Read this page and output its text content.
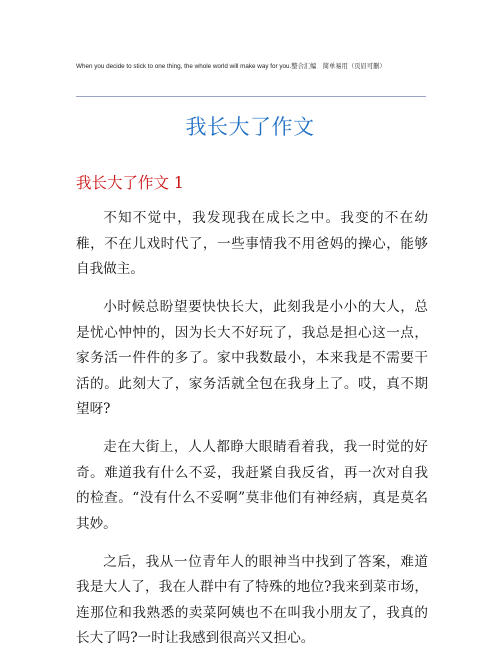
When you decide to stick to one thing, the whole world will make way for you.整合汇编　简单易用（页眉可删）
我长大了作文
我长大了作文 1

不知不觉中，我发现我在成长之中。我变的不在幼稚，不在儿戏时代了，一些事情我不用爸妈的操心，能够自我做主。

小时候总盼望要快快长大，此刻我是小小的大人，总是忧心忡忡的，因为长大不好玩了，我总是担心这一点，家务活一件件的多了。家中我数最小，本来我是不需要干活的。此刻大了，家务活就全包在我身上了。哎，真不期望呀?

走在大街上，人人都睁大眼睛看着我，我一时觉的好奇。难道我有什么不妥，我赶紧自我反省，再一次对自我的检查。“没有什么不妥啊”莫非他们有神经病，真是莫名其妙。

之后，我从一位青年人的眼神当中找到了答案，难道我是大人了，我在人群中有了特殊的地位?我来到菜市场，连那位和我熟悉的卖菜阿姨也不在叫我小朋友了，我真的长大了吗?一时让我感到很高兴又担心。
